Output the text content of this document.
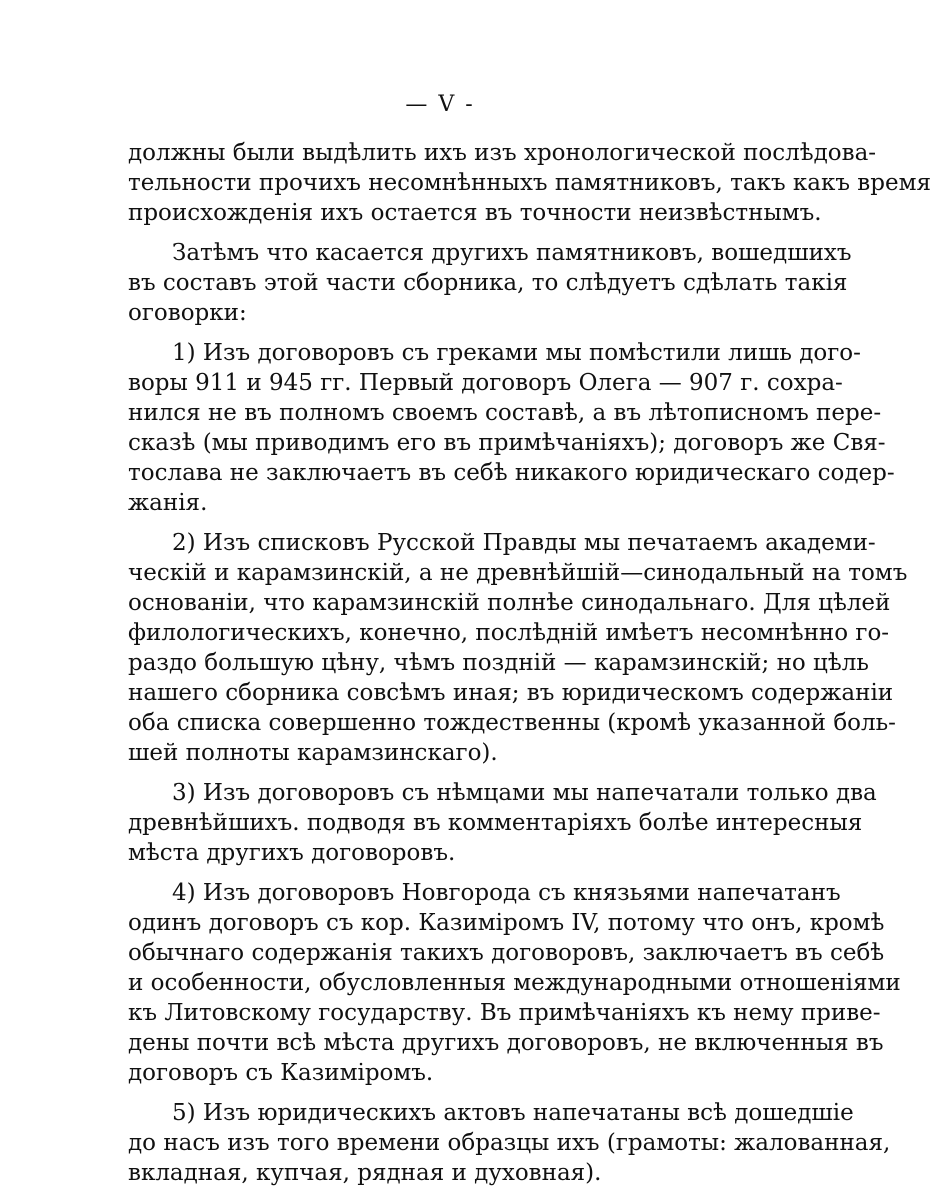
— V -
должны были выдѣлить ихъ изъ хронологической послѣдова-
тельности прочихъ несомнѣнныхъ памятниковъ, такъ какъ время
происхожденія ихъ остается въ точности неизвѣстнымъ.
Затѣмъ что касается другихъ памятниковъ, вошедшихъ
въ составъ этой части сборника, то слѣдуетъ сдѣлать такія
оговорки:
1) Изъ договоровъ съ греками мы помѣстили лишь дого-
воры 911 и 945 гг. Первый договоръ Олега — 907 г. сохра-
нился не въ полномъ своемъ составѣ, а въ лѣтописномъ пере-
сказѣ (мы приводимъ его въ примѣчаніяхъ); договоръ же Свя-
тослава не заключаетъ въ себѣ никакого юридическаго содер-
жанія.
2) Изъ списковъ Русской Правды мы печатаемъ академи-
ческій и карамзинскій, а не древнѣйшій—синодальный на томъ
основаніи, что карамзинскій полнѣе синодальнаго. Для цѣлей
филологическихъ, конечно, послѣдній имѣетъ несомнѣнно го-
раздо большую цѣну, чѣмъ поздній — карамзинскій; но цѣль
нашего сборника совсѣмъ иная; въ юридическомъ содержаніи
оба списка совершенно тождественны (кромѣ указанной боль-
шей полноты карамзинскаго).
3) Изъ договоровъ съ нѣмцами мы напечатали только два
древнѣйшихъ. подводя въ комментаріяхъ болѣе интересныя
мѣста другихъ договоровъ.
4) Изъ договоровъ Новгорода съ князьями напечатанъ
одинъ договоръ съ кор. Казиміромъ IV, потому что онъ, кромѣ
обычнаго содержанія такихъ договоровъ, заключаетъ въ себѣ
и особенности, обусловленныя международными отношеніями
къ Литовскому государству. Въ примѣчаніяхъ къ нему приве-
дены почти всѣ мѣста другихъ договоровъ, не включенныя въ
договоръ съ Казиміромъ.
5) Изъ юридическихъ актовъ напечатаны всѣ дошедшіе
до насъ изъ того времени образцы ихъ (грамоты: жалованная,
вкладная, купчая, рядная и духовная).
